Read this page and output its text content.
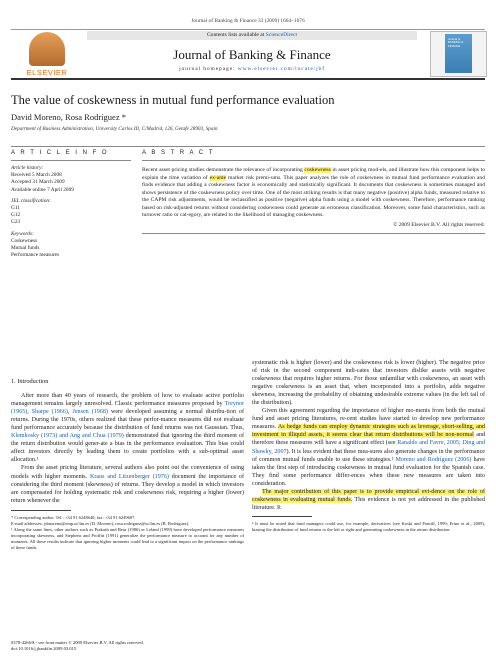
Journal of Banking & Finance 33 (2009) 1664–1676
ELSEVIER
Contents lists available at ScienceDirect
Journal of Banking & Finance
journal homepage: www.elsevier.com/locate/jbf
Journal of BANKING & FINANCE
The value of coskewness in mutual fund performance evaluation
David Moreno, Rosa Rodríguez *
Department of Business Administration, University Carlos III, C/Madrid, 126, Getafe 28903, Spain
A R T I C L E I N F O
Article history:
Received 5 March 2008
Accepted 31 March 2009
Available online 7 April 2009
JEL classification:
G11
G12
G23
Keywords:
Coskewness
Mutual funds
Performance measures
A B S T R A C T

Recent asset pricing studies demonstrate the relevance of incorporating coskewness in asset pricing mod-els, and illustrate how this component helps to explain the time variation of ex-ante market risk premi-ums. This paper analyzes the role of coskewness in mutual fund performance evaluation and finds evidence that adding a coskewness factor is economically and statistically significant. It documents that coskewness is sometimes managed and shows persistence of the coskewness policy over time. One of the most striking results is that many negative (positive) alpha funds, measured relative to the CAPM risk adjustments, would be reclassified as positive (negative) alpha funds using a model with coskewness. Therefore, performance ranking based on risk-adjusted returns without considering coskewness could generate an erroneous classification. Moreover, some fund characteristics, such as turnover ratio or cat-egory, are related to the likelihood of managing coskewness.

© 2009 Elsevier B.V. All rights reserved.
1. Introduction

After more than 40 years of research, the problem of how to evaluate active portfolio management remains largely unresolved. Classic performance measures proposed by Treynor (1965), Sharpe (1966), Jensen (1968) were developed assuming a normal distribu-tion of returns. During the 1970s, others realized that these perfor-mance measures did not evaluate fund performance accurately because the distribution of fund returns was not Gaussian. Thus, Klemkosky (1973) and Ang and Chua (1979) demonstrated that ignoring the third moment of the return distribution would gener-ate a bias in the performance evaluation. This bias could affect investors directly by leading them to create portfolios with a sub-optimal asset allocation.¹

From the asset pricing literature, several authors also point out the convenience of using models with higher moments. Kraus and Litzenberger (1976) document the importance of considering the third moment (skewness) of returns. They develop a model in which investors are compensated for holding systematic risk and coskewness risk, requiring a higher (lower) return whenever the

* Corresponding author. Tel.: +34 91 6248640; fax: +34 91 6249607.
E-mail addresses: jdmoreno@emp.uc3m.es (D. Moreno), rosa.rodriguez@uc3m.es (R. Rodríguez).
¹ Along the same lines, other authors such as Prakash and Bear (1986) or Leland (1999) have developed performance measures incorporating skewness, and Stephens and Proffitt (1991) generalize the performance measure to account for any number of moments. All these results indicate that ignoring higher moments could lead to a significant impact on the performance rankings of these funds.
0378-4266/$ - see front matter © 2009 Elsevier B.V. All rights reserved.
doi:10.1016/j.jbankfin.2009.03.015

systematic risk is higher (lower) and the coskewness risk is lower (higher). The negative price of risk in the second component indi-cates that investors dislike assets with negative coskewness that requires higher returns. For those unfamiliar with coskewness, an asset with negative coskewness is an asset that, when incorporated into a portfolio, adds negative skewness, increasing the probability of obtaining undesirable extreme values (in the left tail of the distribution).

Given this agreement regarding the importance of higher mo-ments from both the mutual fund and asset pricing literatures, re-cent studies have started to develop new performance measures. As hedge funds can employ dynamic strategies such as leverage, short-selling, and investment in illiquid assets, it seems clear that return distributions will be non-normal and therefore these measures will have a significant effect (see Ranaldo and Favre, 2005; Ding and Shawky, 2007). It is less evident that these mea-sures also generate changes in the performance of common mutual funds unable to use these strategies.² Moreno and Rodríguez (2006) have taken the first step of introducing coskewness in mutual fund evaluation for the Spanish case. They find some performance differ-ences when these new measures are taken into consideration.

The major contribution of this paper is to provide empirical evi-dence on the role of coskewness in evaluating mutual funds. This evidence is not yet addressed in the published literature. It

² It must be noted that fund managers could use, for example, derivatives (see Koski and Pontiff, 1999; Frino et al., 2009), biasing the distribution of fund returns to the left or right and generating coskewness in the return distribution.
